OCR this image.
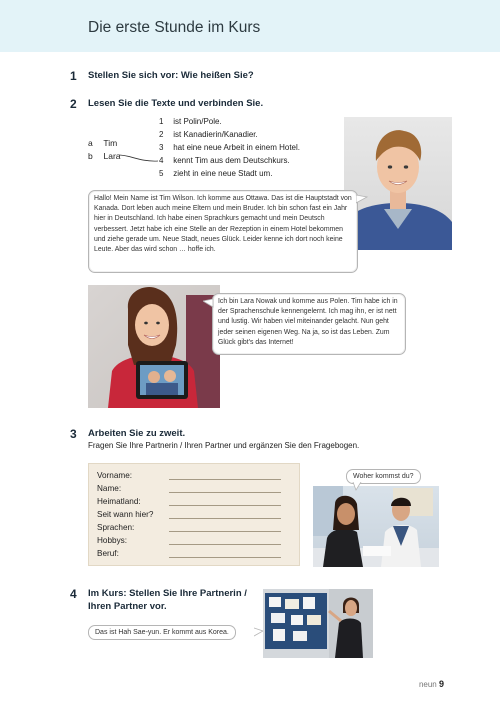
Die erste Stunde im Kurs
1 Stellen Sie sich vor: Wie heißen Sie?
2 Lesen Sie die Texte und verbinden Sie.
a Tim
b Lara
1 ist Polin/Pole.
2 ist Kanadierin/Kanadier.
3 hat eine neue Arbeit in einem Hotel.
4 kennt Tim aus dem Deutschkurs.
5 zieht in eine neue Stadt um.

Hallo! Mein Name ist Tim Wilson. Ich komme aus Ottawa. Das ist die Hauptstadt von Kanada. Dort leben auch meine Eltern und mein Bruder. Ich bin schon fast ein Jahr hier in Deutschland. Ich habe einen Sprachkurs gemacht und mein Deutsch verbessert. Jetzt habe ich eine Stelle an der Rezeption in einem Hotel bekommen und ziehe gerade um. Neue Stadt, neues Glück. Leider kenne ich dort noch keine Leute. Aber das wird schon … hoffe ich.

Ich bin Lara Nowak und komme aus Polen. Tim habe ich in der Sprachenschule kennengelernt. Ich mag ihn, er ist nett und lustig. Wir haben viel miteinander gelacht. Nun geht jeder seinen eigenen Weg. Na ja, so ist das Leben. Zum Glück gibt's das Internet!

3 Arbeiten Sie zu zweit.
Fragen Sie Ihre Partnerin / Ihren Partner und ergänzen Sie den Fragebogen.
Vorname:
Name:
Heimatland:
Seit wann hier?
Sprachen:
Hobbys:
Beruf:
Woher kommst du?
4 Im Kurs: Stellen Sie Ihre Partnerin /
Ihren Partner vor.
Das ist Hah Sae-yun. Er kommt aus Korea.
neun 9
